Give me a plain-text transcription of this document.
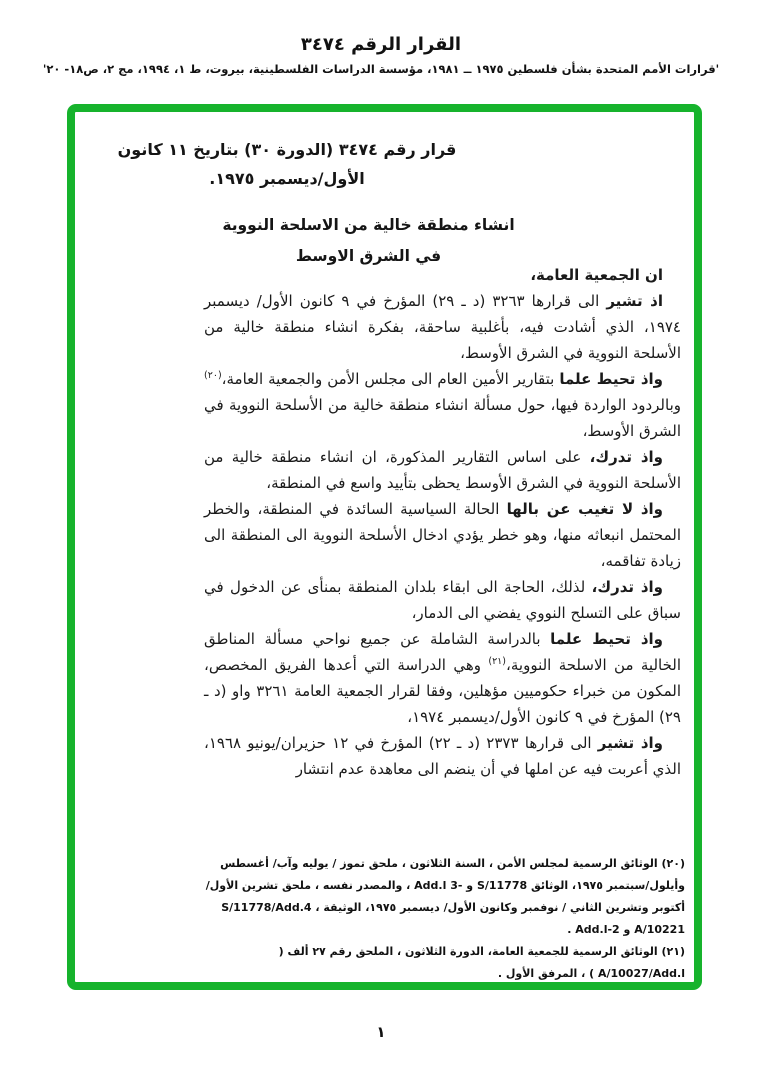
القرار الرقم ٣٤٧٤
'قرارات الأمم المتحدة بشأن فلسطين ١٩٧٥ ــ ١٩٨١، مؤسسة الدراسات الفلسطينية، بيروت، ط ١، ١٩٩٤، مج ٢، ص١٨- ٢٠'
قرار رقم ٣٤٧٤ (الدورة ٣٠) بتاريخ ١١ كانون الأول/ديسمبر ١٩٧٥.
انشاء منطقة خالية من الاسلحة النووية
في الشرق الاوسط

ان الجمعية العامة،

اذ تشير الى قرارها ٣٢٦٣ (د ـ ٢٩) المؤرخ في ٩ كانون الأول/ ديسمبر ١٩٧٤، الذي أشادت فيه، بأغلبية ساحقة، بفكرة انشاء منطقة خالية من الأسلحة النووية في الشرق الأوسط،

واذ تحيط علما بتقارير الأمين العام الى مجلس الأمن والجمعية العامة،$^{(٢٠)}$ وبالردود الواردة فيها، حول مسألة انشاء منطقة خالية من الأسلحة النووية في الشرق الأوسط،

واذ تدرك، على اساس التقارير المذكورة، ان انشاء منطقة خالية من الأسلحة النووية في الشرق الأوسط يحظى بتأييد واسع في المنطقة،

واذ لا تغيب عن بالها الحالة السياسية السائدة في المنطقة، والخطر المحتمل انبعاثه منها، وهو خطر يؤدي ادخال الأسلحة النووية الى المنطقة الى زيادة تفاقمه،

واذ تدرك، لذلك، الحاجة الى ابقاء بلدان المنطقة بمنأى عن الدخول في سباق على التسلح النووي يفضي الى الدمار،

واذ تحيط علما بالدراسة الشاملة عن جميع نواحي مسألة المناطق الخالية من الاسلحة النووية،$^{(٢١)}$ وهي الدراسة التي أعدها الفريق المخصص، المكون من خبراء حكوميين مؤهلين، وفقا لقرار الجمعية العامة ٣٢٦١ واو (د ـ ٢٩) المؤرخ في ٩ كانون الأول/ديسمبر ١٩٧٤،

واذ تشير الى قرارها ٢٣٧٣ (د ـ ٢٢) المؤرخ في ١٢ حزيران/يونيو ١٩٦٨، الذي أعربت فيه عن املها في أن ينضم الى معاهدة عدم انتشار

(٢٠) الوثائق الرسمية لمجلس الأمن ، السنة الثلاثون ، ملحق تموز / يوليه وآب/ أغسطس وأيلول/سبتمبر ١٩٧٥، الوثائق S/11778 و -3 Add.l ، والمصدر نفسه ، ملحق تشرين الأول/ أكتوبر وتشرين الثاني / نوفمبر وكانون الأول/ ديسمبر ١٩٧٥، الوثيقة S/11778/Add.4 ، A/10221 و Add.l-2 .

(٢١) الوثائق الرسمية للجمعية العامة، الدورة الثلاثون ، الملحق رقم ٢٧ ألف ( A/10027/Add.l ) ، المرفق الأول .

١
